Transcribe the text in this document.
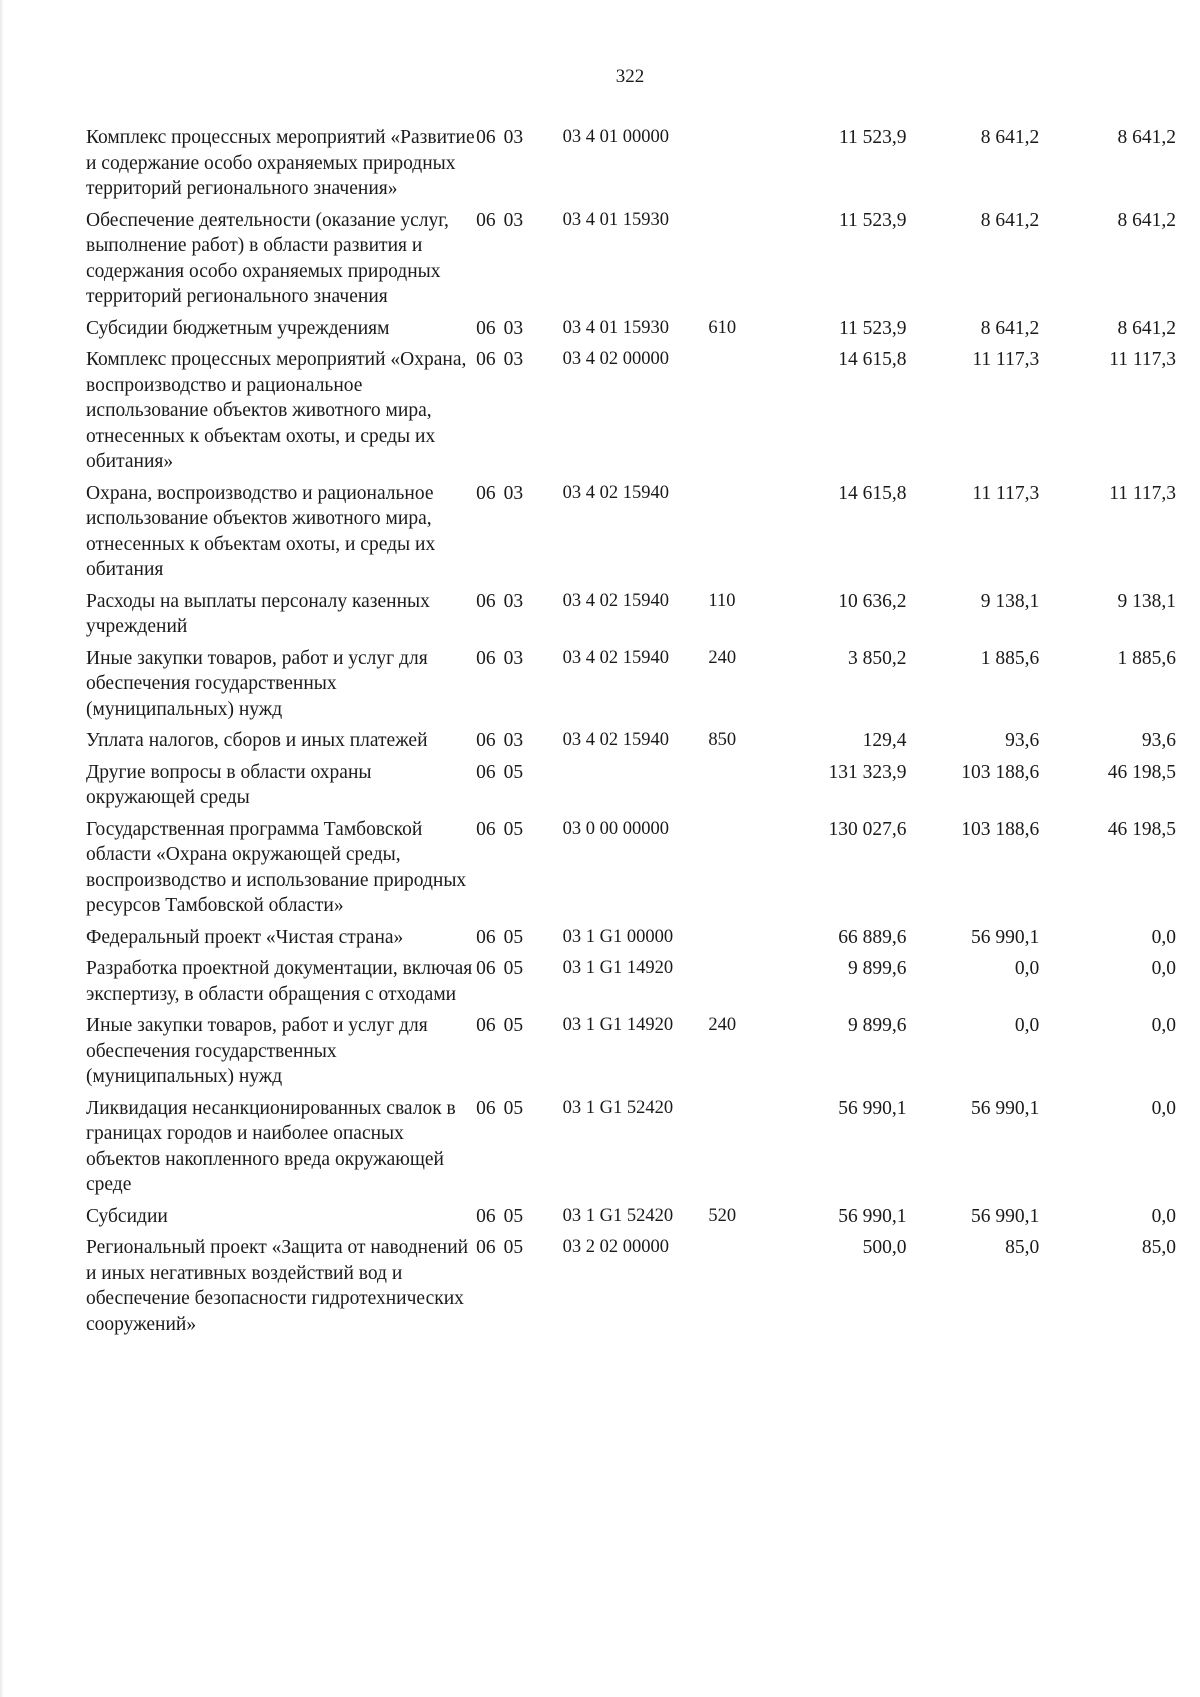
322
Комплекс процессных мероприятий «Развитие и содержание особо охраняемых природных территорий регионального значения»	06 03	03 4 01 00000		11 523,9	8 641,2	8 641,2
Обеспечение деятельности (оказание услуг, выполнение работ) в области развития и содержания особо охраняемых природных территорий регионального значения	06 03	03 4 01 15930		11 523,9	8 641,2	8 641,2
Субсидии бюджетным учреждениям	06 03	03 4 01 15930	610	11 523,9	8 641,2	8 641,2
Комплекс процессных мероприятий «Охрана, воспроизводство и рациональное использование объектов животного мира, отнесенных к объектам охоты, и среды их обитания»	06 03	03 4 02 00000		14 615,8	11 117,3	11 117,3
Охрана, воспроизводство и рациональное использование объектов животного мира, отнесенных к объектам охоты, и среды их обитания	06 03	03 4 02 15940		14 615,8	11 117,3	11 117,3
Расходы на выплаты персоналу казенных учреждений	06 03	03 4 02 15940	110	10 636,2	9 138,1	9 138,1
Иные закупки товаров, работ и услуг для обеспечения государственных (муниципальных) нужд	06 03	03 4 02 15940	240	3 850,2	1 885,6	1 885,6
Уплата налогов, сборов и иных платежей	06 03	03 4 02 15940	850	129,4	93,6	93,6
Другие вопросы в области охраны окружающей среды	06 05			131 323,9	103 188,6	46 198,5
Государственная программа Тамбовской области «Охрана окружающей среды, воспроизводство и использование природных ресурсов Тамбовской области»	06 05	03 0 00 00000		130 027,6	103 188,6	46 198,5
Федеральный проект «Чистая страна»	06 05	03 1 G1 00000		66 889,6	56 990,1	0,0
Разработка проектной документации, включая экспертизу, в области обращения с отходами	06 05	03 1 G1 14920		9 899,6	0,0	0,0
Иные закупки товаров, работ и услуг для обеспечения государственных (муниципальных) нужд	06 05	03 1 G1 14920	240	9 899,6	0,0	0,0
Ликвидация несанкционированных свалок в границах городов и наиболее опасных объектов накопленного вреда окружающей среде	06 05	03 1 G1 52420		56 990,1	56 990,1	0,0
Субсидии	06 05	03 1 G1 52420	520	56 990,1	56 990,1	0,0
Региональный проект «Защита от наводнений и иных негативных воздействий вод и обеспечение безопасности гидротехнических сооружений»	06 05	03 2 02 00000		500,0	85,0	85,0
